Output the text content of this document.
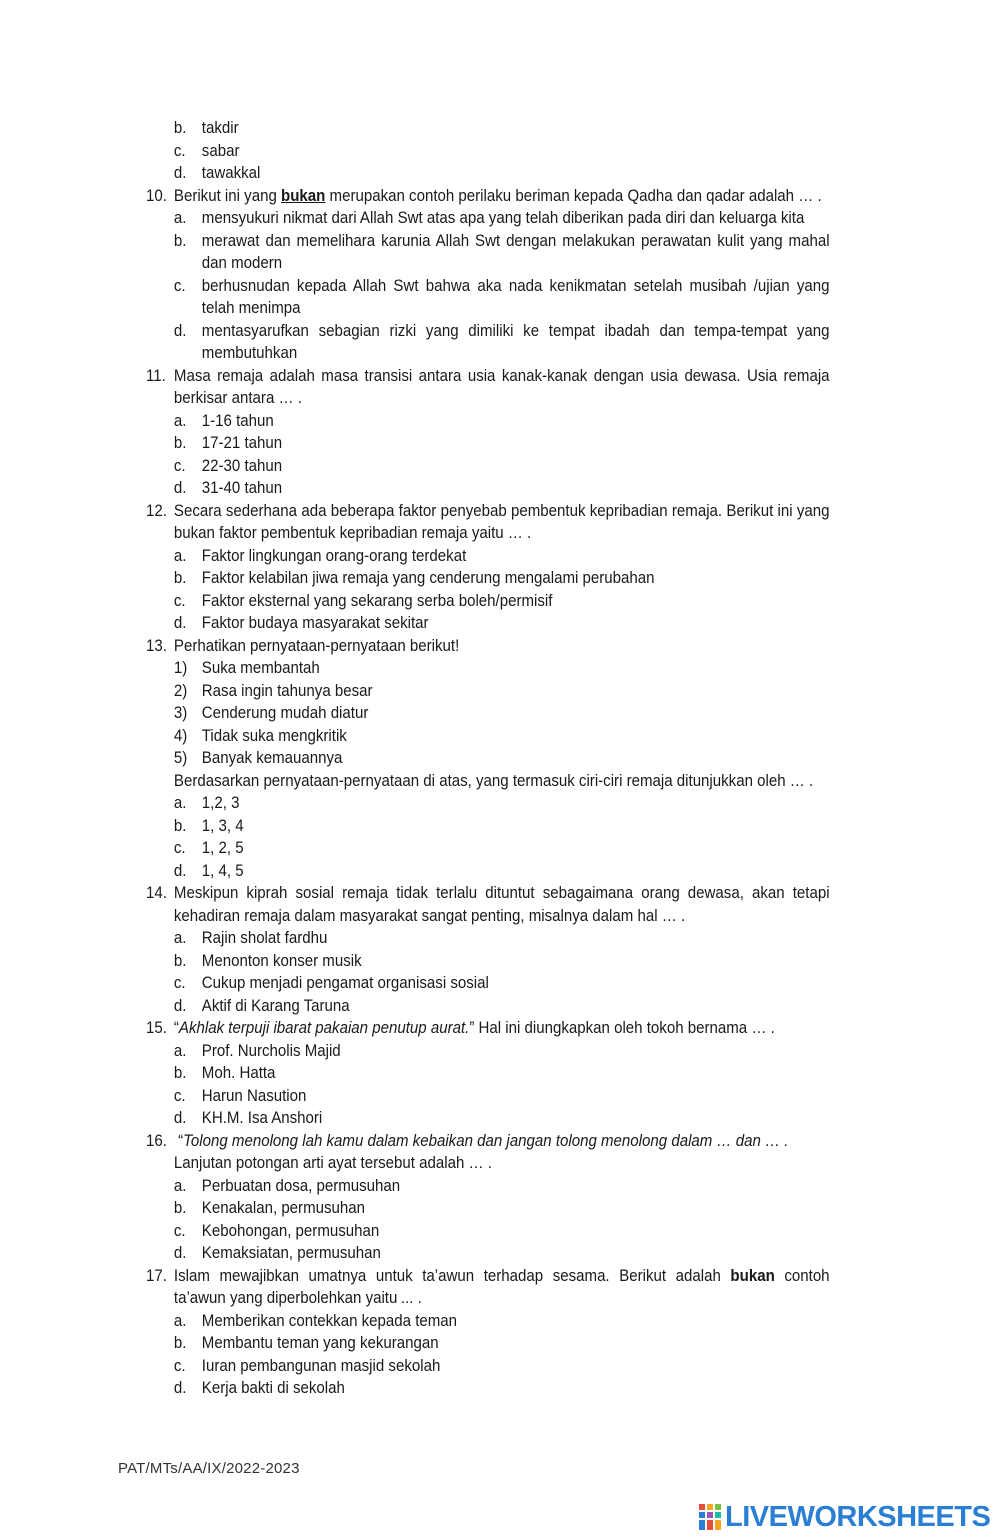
b. takdir
c. sabar
d. tawakkal
10. Berikut ini yang bukan merupakan contoh perilaku beriman kepada Qadha dan qadar adalah … .
a. mensyukuri nikmat dari Allah Swt atas apa yang telah diberikan pada diri dan keluarga kita
b. merawat dan memelihara karunia Allah Swt dengan melakukan perawatan kulit yang mahal dan modern
c. berhusnudan kepada Allah Swt bahwa aka nada kenikmatan setelah musibah /ujian yang telah menimpa
d. mentasyarufkan sebagian rizki yang dimiliki ke tempat ibadah dan tempa-tempat yang membutuhkan
11. Masa remaja adalah masa transisi antara usia kanak-kanak dengan usia dewasa. Usia remaja berkisar antara … .
a. 1-16 tahun
b. 17-21 tahun
c. 22-30 tahun
d. 31-40 tahun
12. Secara sederhana ada beberapa faktor penyebab pembentuk kepribadian remaja. Berikut ini yang bukan faktor pembentuk kepribadian remaja yaitu … .
a. Faktor lingkungan orang-orang terdekat
b. Faktor kelabilan jiwa remaja yang cenderung mengalami perubahan
c. Faktor eksternal yang sekarang serba boleh/permisif
d. Faktor budaya masyarakat sekitar
13. Perhatikan pernyataan-pernyataan berikut!
1) Suka membantah
2) Rasa ingin tahunya besar
3) Cenderung mudah diatur
4) Tidak suka mengkritik
5) Banyak kemauannya
Berdasarkan pernyataan-pernyataan di atas, yang termasuk ciri-ciri remaja ditunjukkan oleh … .
a. 1,2, 3
b. 1, 3, 4
c. 1, 2, 5
d. 1, 4, 5
14. Meskipun kiprah sosial remaja tidak terlalu dituntut sebagaimana orang dewasa, akan tetapi kehadiran remaja dalam masyarakat sangat penting, misalnya dalam hal … .
a. Rajin sholat fardhu
b. Menonton konser musik
c. Cukup menjadi pengamat organisasi sosial
d. Aktif di Karang Taruna
15. “Akhlak terpuji ibarat pakaian penutup aurat.” Hal ini diungkapkan oleh tokoh bernama … .
a. Prof. Nurcholis Majid
b. Moh. Hatta
c. Harun Nasution
d. KH.M. Isa Anshori
16. “Tolong menolong lah kamu dalam kebaikan dan jangan tolong menolong dalam … dan … .
Lanjutan potongan arti ayat tersebut adalah … .
a. Perbuatan dosa, permusuhan
b. Kenakalan, permusuhan
c. Kebohongan, permusuhan
d. Kemaksiatan, permusuhan
17. Islam mewajibkan umatnya untuk ta’awun terhadap sesama. Berikut adalah bukan contoh ta’awun yang diperbolehkan yaitu ... .
a. Memberikan contekkan kepada teman
b. Membantu teman yang kekurangan
c. Iuran pembangunan masjid sekolah
d. Kerja bakti di sekolah
PAT/MTs/AA/IX/2022-2023
LIVEWORKSHEETS
